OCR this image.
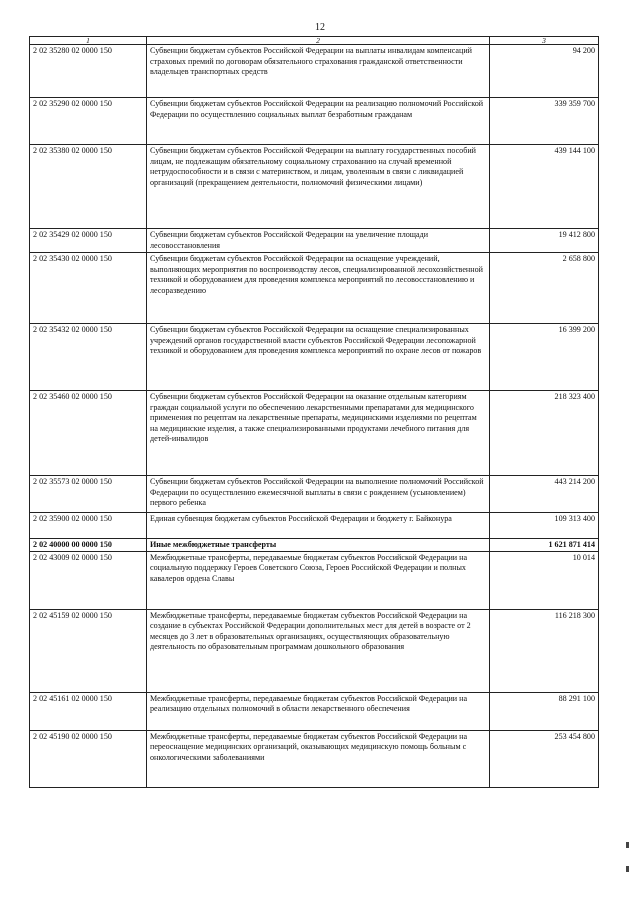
12
1	2	3
2 02 35280 02 0000 150	Субвенции бюджетам субъектов Российской Федерации на выплаты инвалидам компенсаций страховых премий по договорам обязательного страхования гражданской ответственности владельцев транспортных средств	94 200
2 02 35290 02 0000 150	Субвенции бюджетам субъектов Российской Федерации на реализацию полномочий Российской Федерации по осуществлению социальных выплат безработным гражданам	339 359 700
2 02 35380 02 0000 150	Субвенции бюджетам субъектов Российской Федерации на выплату государственных пособий лицам, не подлежащим обязательному социальному страхованию на случай временной нетрудоспособности и в связи с материнством, и лицам, уволенным в связи с ликвидацией организаций (прекращением деятельности, полномочий физическими лицами)	439 144 100
2 02 35429 02 0000 150	Субвенции бюджетам субъектов Российской Федерации на увеличение площади лесовосстановления	19 412 800
2 02 35430 02 0000 150	Субвенции бюджетам субъектов Российской Федерации на оснащение учреждений, выполняющих мероприятия по воспроизводству лесов, специализированной лесохозяйственной техникой и оборудованием для проведения комплекса мероприятий по лесовосстановлению и лесоразведению	2 658 800
2 02 35432 02 0000 150	Субвенции бюджетам субъектов Российской Федерации на оснащение специализированных учреждений органов государственной власти субъектов Российской Федерации лесопожарной техникой и оборудованием для проведения комплекса мероприятий по охране лесов от пожаров	16 399 200
2 02 35460 02 0000 150	Субвенции бюджетам субъектов Российской Федерации на оказание отдельным категориям граждан социальной услуги по обеспечению лекарственными препаратами для медицинского применения по рецептам на лекарственные препараты, медицинскими изделиями по рецептам на медицинские изделия, а также специализированными продуктами лечебного питания для детей-инвалидов	218 323 400
2 02 35573 02 0000 150	Субвенции бюджетам субъектов Российской Федерации на выполнение полномочий Российской Федерации по осуществлению ежемесячной выплаты в связи с рождением (усыновлением) первого ребенка	443 214 200
2 02 35900 02 0000 150	Единая субвенция бюджетам субъектов Российской Федерации и бюджету г. Байконура	109 313 400
2 02 40000 00 0000 150	Иные межбюджетные трансферты	1 621 871 414
2 02 43009 02 0000 150	Межбюджетные трансферты, передаваемые бюджетам субъектов Российской Федерации на социальную поддержку Героев Советского Союза, Героев Российской Федерации и полных кавалеров ордена Славы	10 014
2 02 45159 02 0000 150	Межбюджетные трансферты, передаваемые бюджетам субъектов Российской Федерации на создание в субъектах Российской Федерации дополнительных мест для детей в возрасте от 2 месяцев до 3 лет в образовательных организациях, осуществляющих образовательную деятельность по образовательным программам дошкольного образования	116 218 300
2 02 45161 02 0000 150	Межбюджетные трансферты, передаваемые бюджетам субъектов Российской Федерации на реализацию отдельных полномочий в области лекарственного обеспечения	88 291 100
2 02 45190 02 0000 150	Межбюджетные трансферты, передаваемые бюджетам субъектов Российской Федерации на переоснащение медицинских организаций, оказывающих медицинскую помощь больным с онкологическими заболеваниями	253 454 800
